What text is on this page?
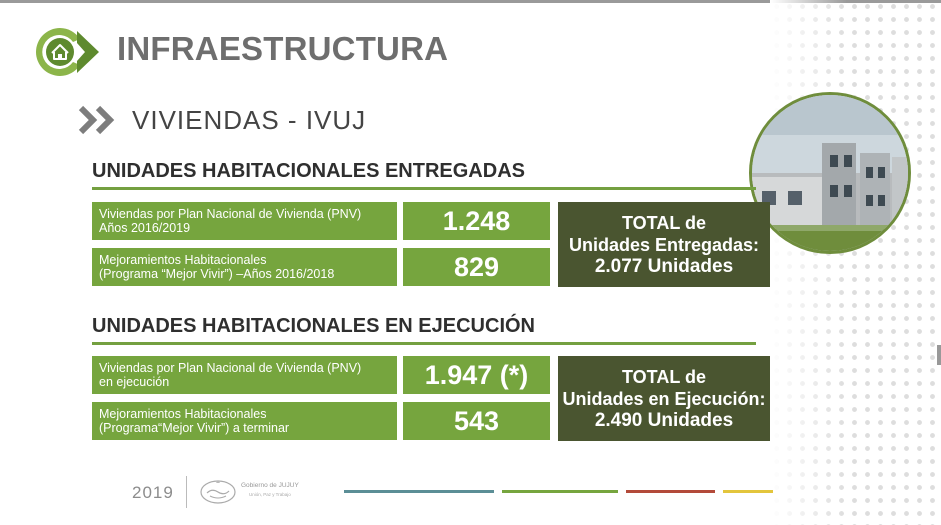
INFRAESTRUCTURA
VIVIENDAS - IVUJ
UNIDADES HABITACIONALES ENTREGADAS
Viviendas por Plan Nacional de Vivienda (PNV)
Años 2016/2019	1.248
Mejoramientos Habitacionales
(Programa “Mejor Vivir”) –Años 2016/2018	829
TOTAL de
Unidades Entregadas:
2.077 Unidades
UNIDADES HABITACIONALES EN EJECUCIÓN
Viviendas por Plan Nacional de Vivienda (PNV)
en ejecución	1.947 (*)
Mejoramientos Habitacionales
(Programa“Mejor Vivir”) a terminar	543
TOTAL de
Unidades en Ejecución:
2.490 Unidades
2019	Gobierno de JUJUY
Unión, Paz y Trabajo
